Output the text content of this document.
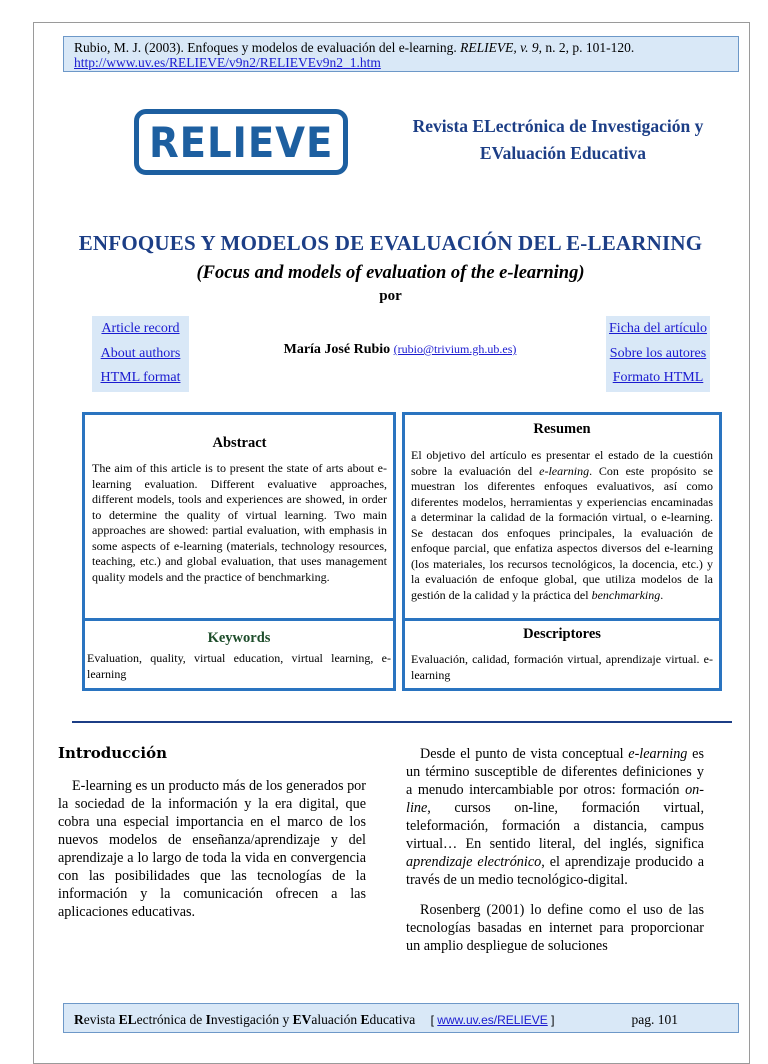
Rubio, M. J. (2003). Enfoques y modelos de evaluación del e-learning. RELIEVE, v. 9, n. 2, p. 101-120.
http://www.uv.es/RELIEVE/v9n2/RELIEVEv9n2_1.htm
RELIEVE	Revista ELectrónica de Investigación y
EValuación Educativa
ENFOQUES Y MODELOS DE EVALUACIÓN DEL E-LEARNING
(Focus and models of evaluation of the e-learning)
por
Article record
About authors
HTML format
María José Rubio (rubio@trivium.gh.ub.es)
Ficha del artículo
Sobre los autores
Formato HTML
Abstract

The aim of this article is to present the state of arts about e-learning evaluation. Different evaluative approaches, different models, tools and experiences are showed, in order to determine the quality of virtual learning. Two main approaches are showed: partial evaluation, with emphasis in some aspects of e-learning (materials, technology resources, teaching, etc.) and global evaluation, that uses management quality models and the practice of benchmarking.

Resumen

El objetivo del artículo es presentar el estado de la cuestión sobre la evaluación del e-learning. Con este propósito se muestran los diferentes enfoques evaluativos, así como diferentes modelos, herramientas y experiencias encaminadas a determinar la calidad de la formación virtual, o e-learning. Se destacan dos enfoques principales, la evaluación de enfoque parcial, que enfatiza aspectos diversos del e-learning (los materiales, los recursos tecnológicos, la docencia, etc.) y la evaluación de enfoque global, que utiliza modelos de la gestión de la calidad y la práctica del benchmarking.

Keywords

Evaluation, quality, virtual education, virtual learning, e-learning

Descriptores

Evaluación, calidad, formación virtual, aprendizaje virtual. e-learning

Introducción

E-learning es un producto más de los generados por la sociedad de la información y la era digital, que cobra una especial importancia en el marco de los nuevos modelos de enseñanza/aprendizaje y del aprendizaje a lo largo de toda la vida en convergencia con las posibilidades que las tecnologías de la información y la comunicación ofrecen a las aplicaciones educativas.

Desde el punto de vista conceptual e-learning es un término susceptible de diferentes definiciones y a menudo intercambiable por otros: formación on-line, cursos on-line, formación virtual, teleformación, formación a distancia, campus virtual… En sentido literal, del inglés, significa aprendizaje electrónico, el aprendizaje producido a través de un medio tecnológico-digital.

Rosenberg (2001) lo define como el uso de las tecnologías basadas en internet para proporcionar un amplio despliegue de soluciones

Revista ELectrónica de Investigación y EValuación Educativa [ www.uv.es/RELIEVE ]	pag. 101
